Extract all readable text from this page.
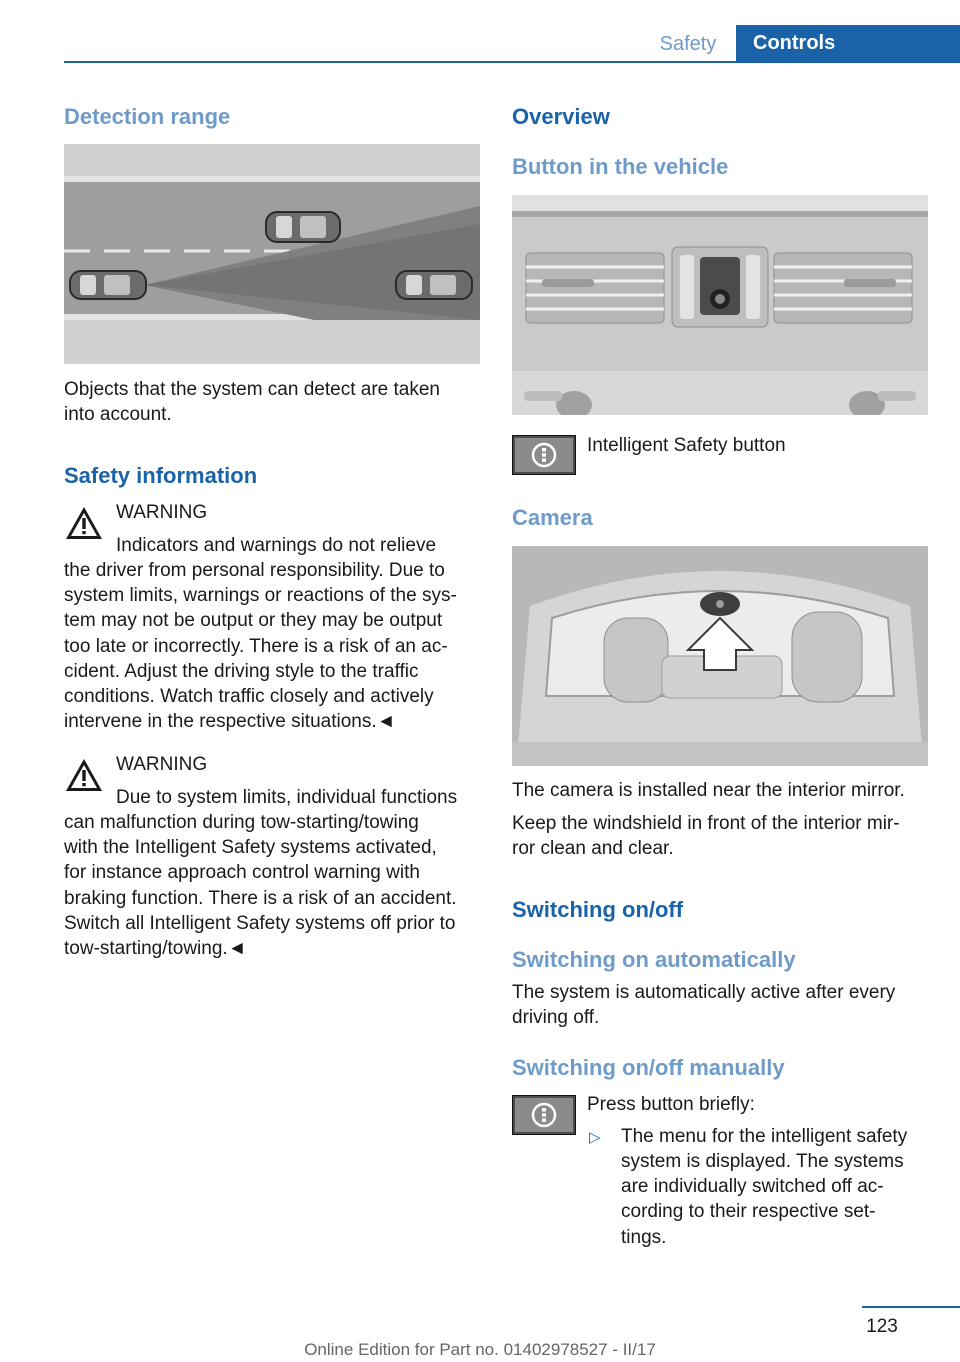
Safety	Controls
Detection range
Objects that the system can detect are taken
into account.
Safety information
WARNING
Indicators and warnings do not relieve
the driver from personal responsibility. Due to
system limits, warnings or reactions of the sys-
tem may not be output or they may be output
too late or incorrectly. There is a risk of an ac-
cident. Adjust the driving style to the traffic
conditions. Watch traffic closely and actively
intervene in the respective situations.◄
WARNING
Due to system limits, individual functions
can malfunction during tow-starting/towing
with the Intelligent Safety systems activated,
for instance approach control warning with
braking function. There is a risk of an accident.
Switch all Intelligent Safety systems off prior to
tow-starting/towing.◄
Overview
Button in the vehicle
Intelligent Safety button
Camera
The camera is installed near the interior mirror.
Keep the windshield in front of the interior mir-
ror clean and clear.
Switching on/off
Switching on automatically
The system is automatically active after every
driving off.
Switching on/off manually
Press button briefly:
▷ The menu for the intelligent safety
system is displayed. The systems
are individually switched off ac-
cording to their respective set-
tings.
123
Online Edition for Part no. 01402978527 - II/17
